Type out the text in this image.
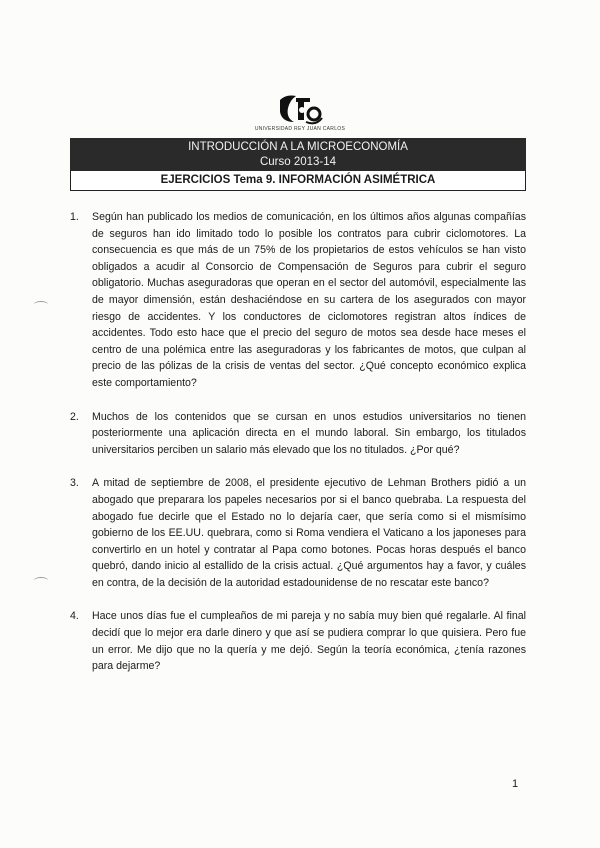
UNIVERSIDAD REY JUAN CARLOS
INTRODUCCIÓN A LA MICROECONOMÍA
Curso 2013-14
EJERCICIOS Tema 9. INFORMACIÓN ASIMÉTRICA
1.	Según han publicado los medios de comunicación, en los últimos años algunas compañías de seguros han ido limitado todo lo posible los contratos para cubrir ciclomotores. La consecuencia es que más de un 75% de los propietarios de estos vehículos se han visto obligados a acudir al Consorcio de Compensación de Seguros para cubrir el seguro obligatorio. Muchas aseguradoras que operan en el sector del automóvil, especialmente las de mayor dimensión, están deshaciéndose en su cartera de los asegurados con mayor riesgo de accidentes. Y los conductores de ciclomotores registran altos índices de accidentes. Todo esto hace que el precio del seguro de motos sea desde hace meses el centro de una polémica entre las aseguradoras y los fabricantes de motos, que culpan al precio de las pólizas de la crisis de ventas del sector. ¿Qué concepto económico explica este comportamiento?
2.	Muchos de los contenidos que se cursan en unos estudios universitarios no tienen posteriormente una aplicación directa en el mundo laboral. Sin embargo, los titulados universitarios perciben un salario más elevado que los no titulados. ¿Por qué?
3.	A mitad de septiembre de 2008, el presidente ejecutivo de Lehman Brothers pidió a un abogado que preparara los papeles necesarios por si el banco quebraba. La respuesta del abogado fue decirle que el Estado no lo dejaría caer, que sería como si el mismísimo gobierno de los EE.UU. quebrara, como si Roma vendiera el Vaticano a los japoneses para convertirlo en un hotel y contratar al Papa como botones. Pocas horas después el banco quebró, dando inicio al estallido de la crisis actual. ¿Qué argumentos hay a favor, y cuáles en contra, de la decisión de la autoridad estadounidense de no rescatar este banco?
4.	Hace unos días fue el cumpleaños de mi pareja y no sabía muy bien qué regalarle. Al final decidí que lo mejor era darle dinero y que así se pudiera comprar lo que quisiera. Pero fue un error. Me dijo que no la quería y me dejó. Según la teoría económica, ¿tenía razones para dejarme?
1
